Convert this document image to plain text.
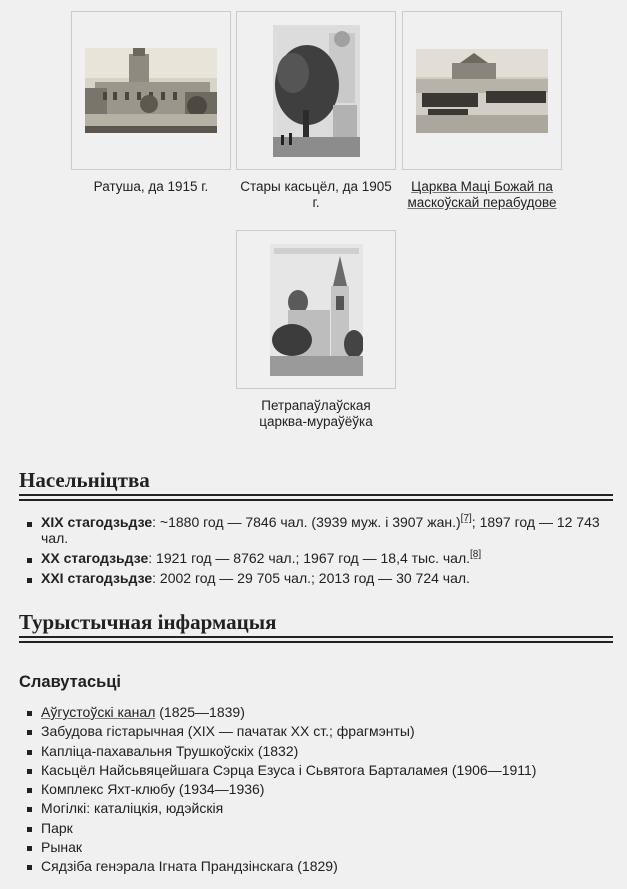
Ратуша, да 1915 г.	Стары касьцёл, да 1905 г.
Царква Маці Божай па маскоўскай перабудове
Петрапаўлаўская царква-мураўёўка
Насельніцтва
XIX стагодзьдзе: ~1880 год — 7846 чал. (3939 муж. і 3907 жан.)[7]; 1897 год — 12 743 чал.
XX стагодзьдзе: 1921 год — 8762 чал.; 1967 год — 18,4 тыс. чал.[8]
XXI стагодзьдзе: 2002 год — 29 705 чал.; 2013 год — 30 724 чал.
Турыстычная інфармацыя
Славутасьці
Аўгустоўскі канал (1825—1839)
Забудова гістарычная (XIX — пачатак XX ст.; фрагмэнты)
Капліца-пахавальня Трушкоўскіх (1832)
Касьцёл Найсьвяцейшага Сэрца Езуса і Сьвятога Барталамея (1906—1911)
Комплекс Яхт-клюбу (1934—1936)
Могілкі: каталіцкія, юдэйскія
Парк
Рынак
Сядзіба генэрала Ігната Прандзінскага (1829)
